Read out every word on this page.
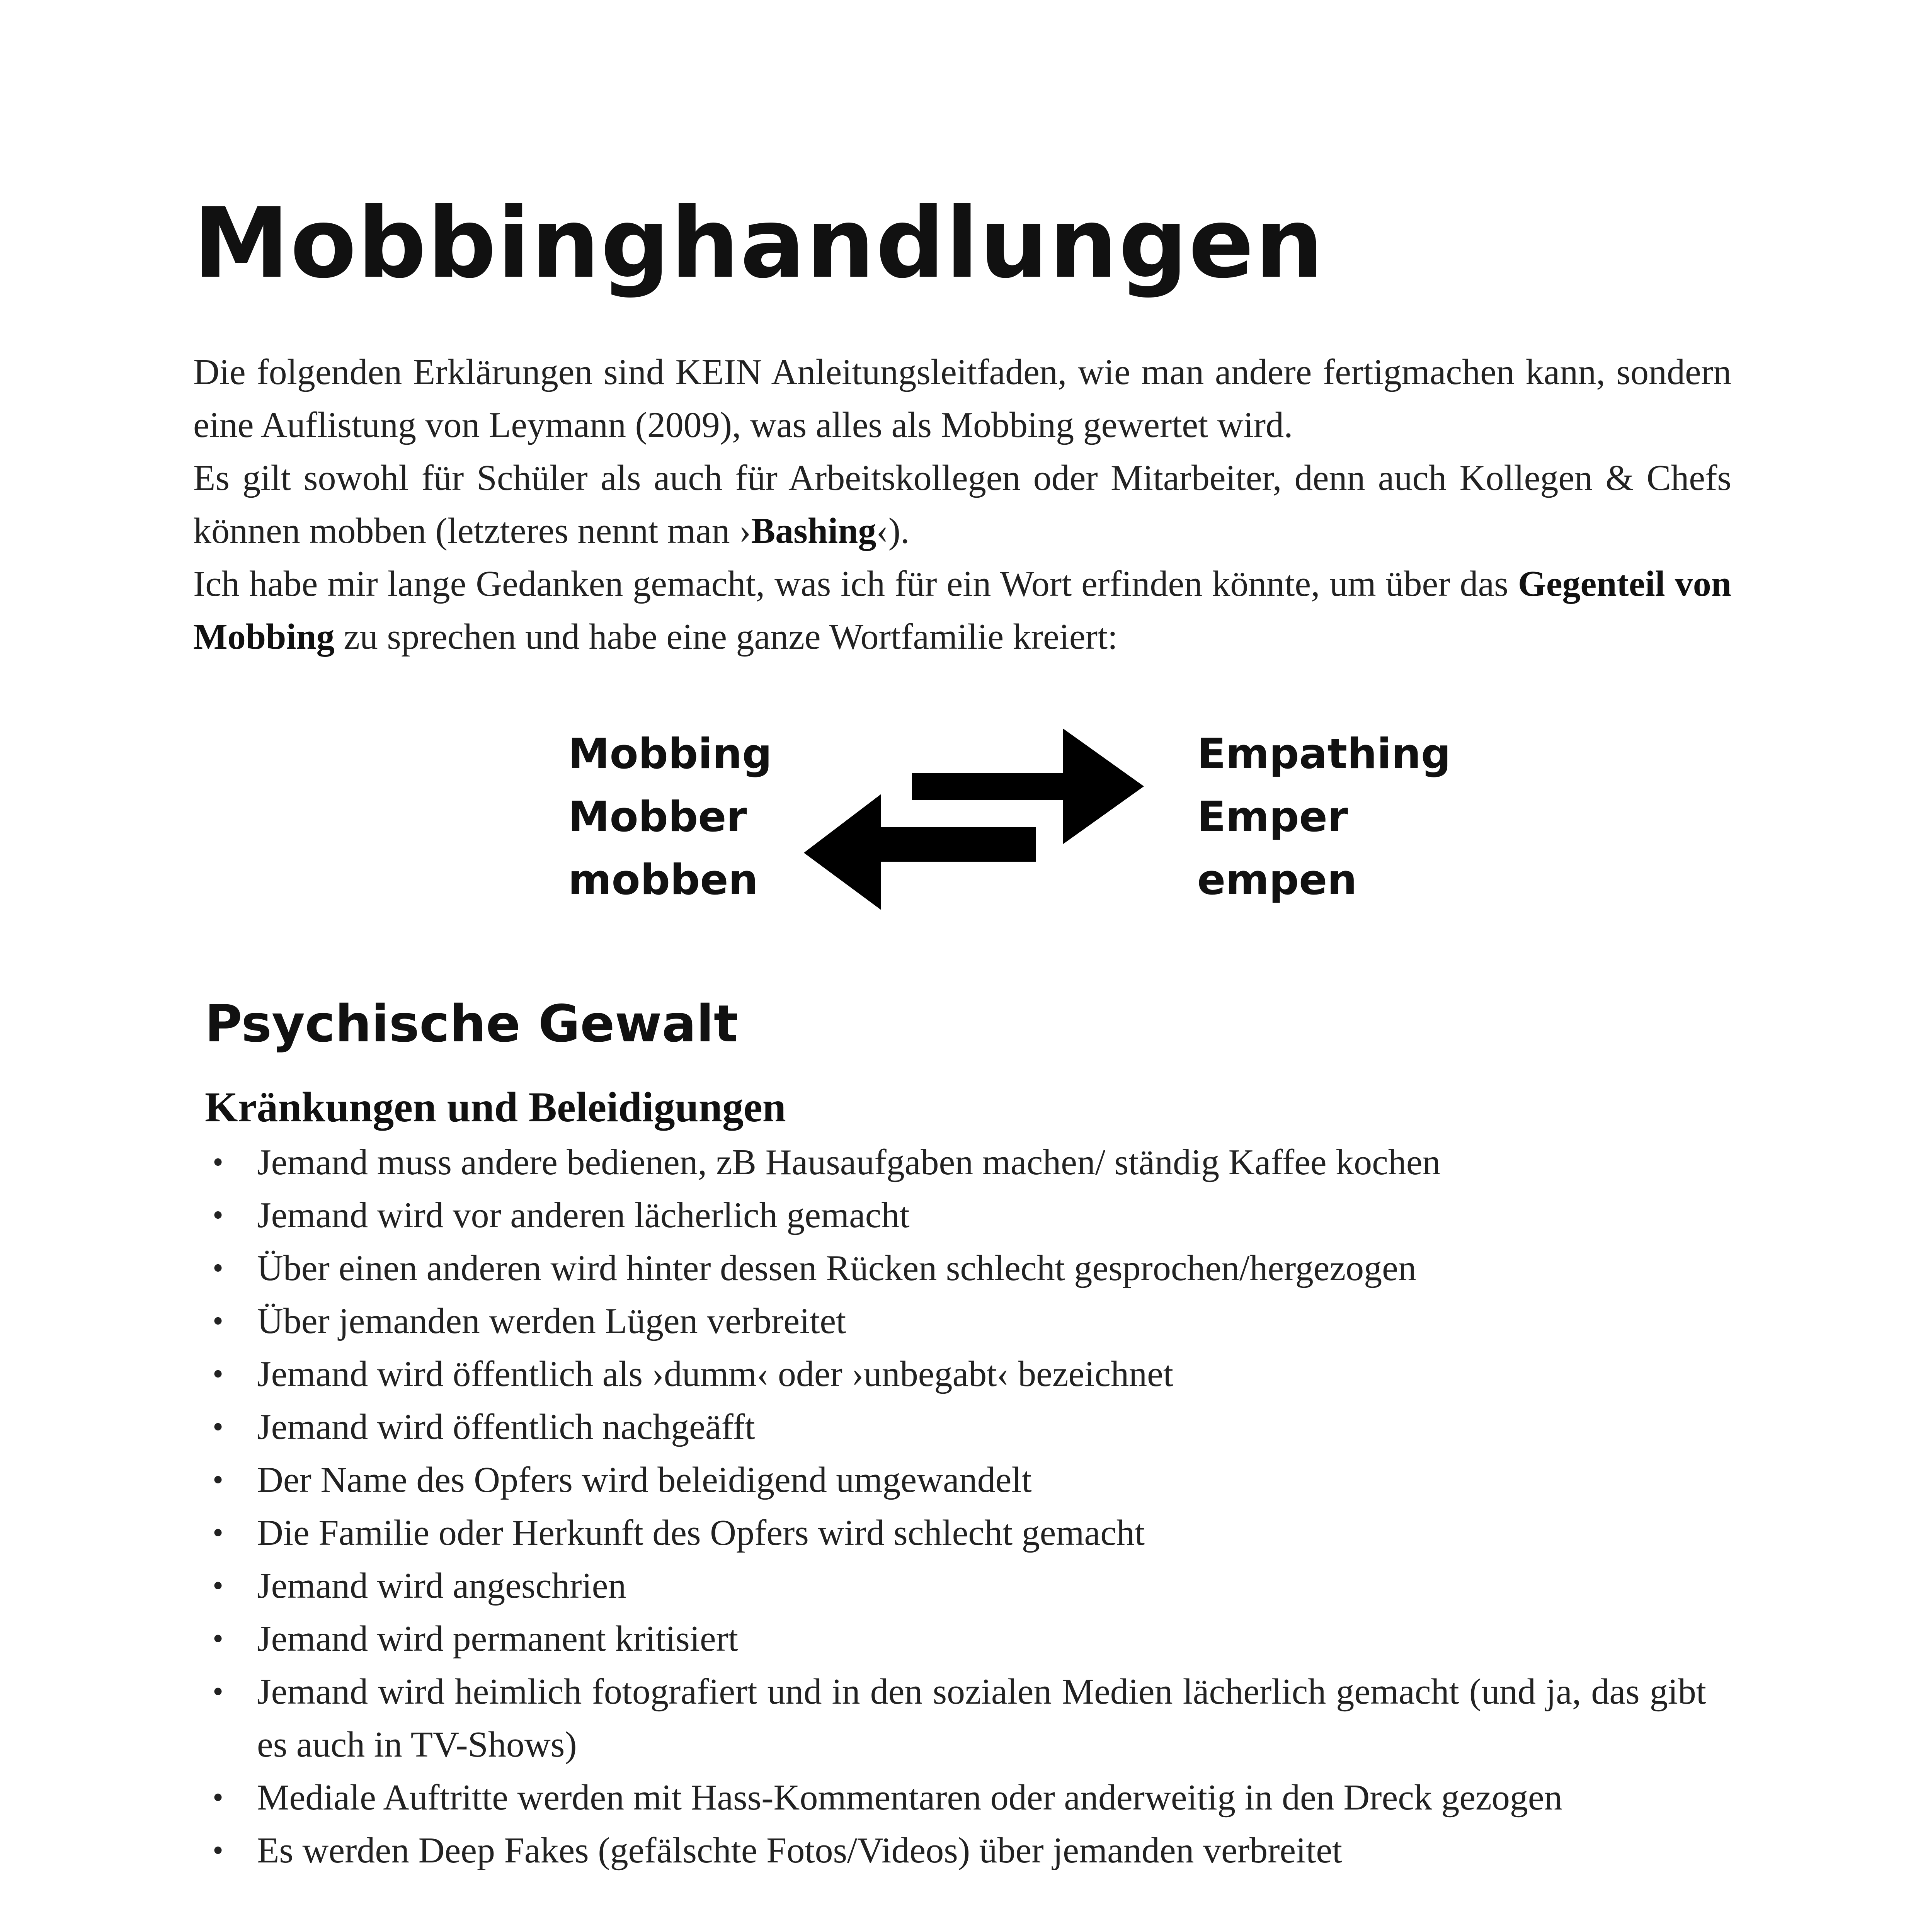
Mobbinghandlungen

Die folgenden Erklärungen sind KEIN Anleitungsleitfaden, wie man andere fertigmachen kann, sondern eine Auflistung von Leymann (2009), was alles als Mobbing gewertet wird.

Es gilt sowohl für Schüler als auch für Arbeitskollegen oder Mitarbeiter, denn auch Kollegen & Chefs können mobben (letzteres nennt man ›Bashing‹).

Ich habe mir lange Gedanken gemacht, was ich für ein Wort erfinden könnte, um über das Gegenteil von Mobbing zu sprechen und habe eine ganze Wortfamilie kreiert:

Mobbing
Mobber
mobben
Empathing
Emper
empen
Psychische Gewalt
Kränkungen und Beleidigungen
• Jemand muss andere bedienen, zB Hausaufgaben machen/ ständig Kaffee kochen
• Jemand wird vor anderen lächerlich gemacht
• Über einen anderen wird hinter dessen Rücken schlecht gesprochen/hergezogen
• Über jemanden werden Lügen verbreitet
• Jemand wird öffentlich als ›dumm‹ oder ›unbegabt‹ bezeichnet
• Jemand wird öffentlich nachgeäfft
• Der Name des Opfers wird beleidigend umgewandelt
• Die Familie oder Herkunft des Opfers wird schlecht gemacht
• Jemand wird angeschrien
• Jemand wird permanent kritisiert
• Jemand wird heimlich fotografiert und in den sozialen Medien lächerlich gemacht (und ja, das gibt es auch in TV-Shows)
• Mediale Auftritte werden mit Hass-Kommentaren oder anderweitig in den Dreck gezogen
• Es werden Deep Fakes (gefälschte Fotos/Videos) über jemanden verbreitet
